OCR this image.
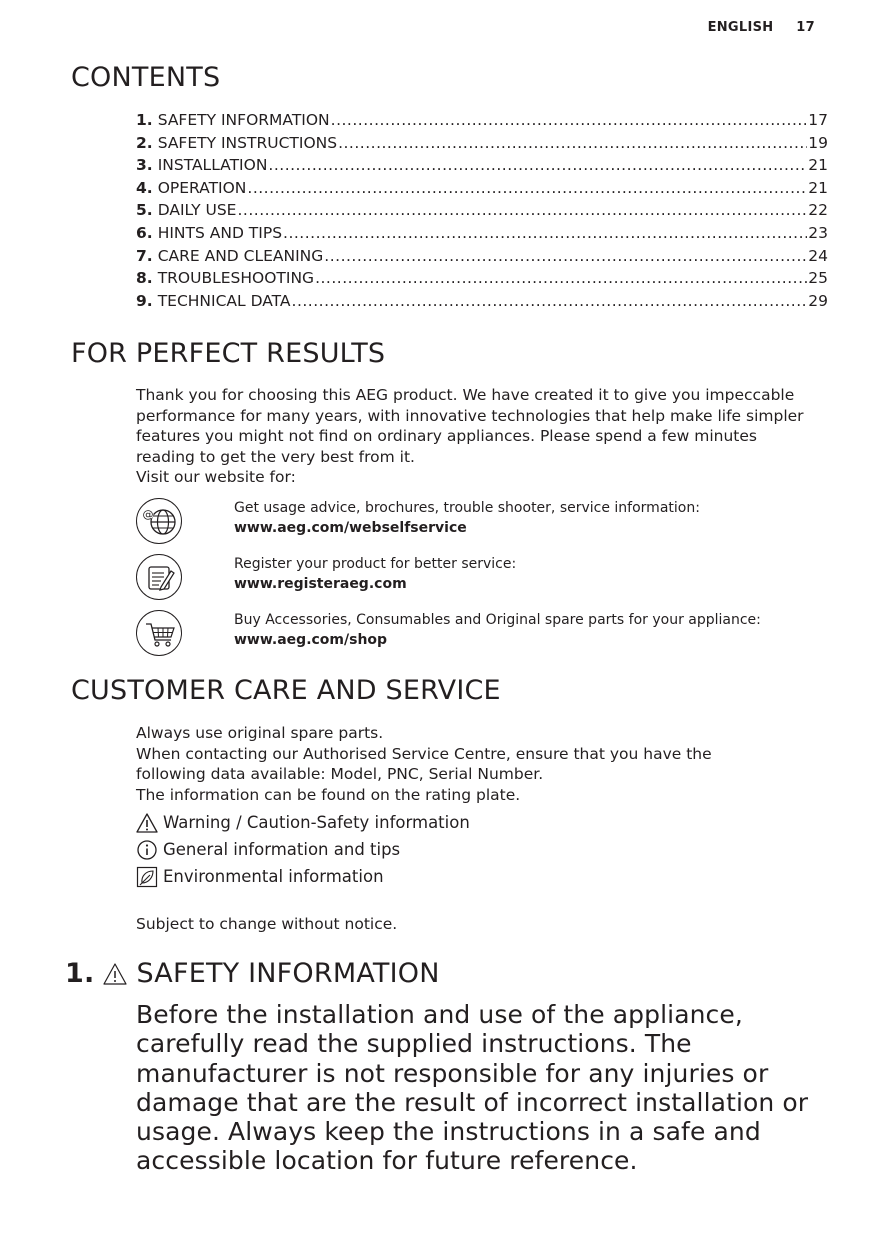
ENGLISH 17
CONTENTS
1. SAFETY INFORMATION .....	17
2. SAFETY INSTRUCTIONS .....	19
3. INSTALLATION .....	21
4. OPERATION .....	21
5. DAILY USE .....	22
6. HINTS AND TIPS .....	23
7. CARE AND CLEANING .....	24
8. TROUBLESHOOTING .....	25
9. TECHNICAL DATA .....	29
FOR PERFECT RESULTS

Thank you for choosing this AEG product. We have created it to give you impeccable performance for many years, with innovative technologies that help make life simpler features you might not find on ordinary appliances. Please spend a few minutes reading to get the very best from it.

Visit our website for:

@	Get usage advice, brochures, trouble shooter, service information:
www.aeg.com/webselfservice
Register your product for better service:
www.registeraeg.com
Buy Accessories, Consumables and Original spare parts for your appliance:
www.aeg.com/shop
CUSTOMER CARE AND SERVICE

Always use original spare parts.

When contacting our Authorised Service Centre, ensure that you have the following data available: Model, PNC, Serial Number.

The information can be found on the rating plate.

Warning / Caution-Safety information
General information and tips
Environmental information
Subject to change without notice.
1. SAFETY INFORMATION

Before the installation and use of the appliance, carefully read the supplied instructions. The manufacturer is not responsible for any injuries or damage that are the result of incorrect installation or usage. Always keep the instructions in a safe and accessible location for future reference.
